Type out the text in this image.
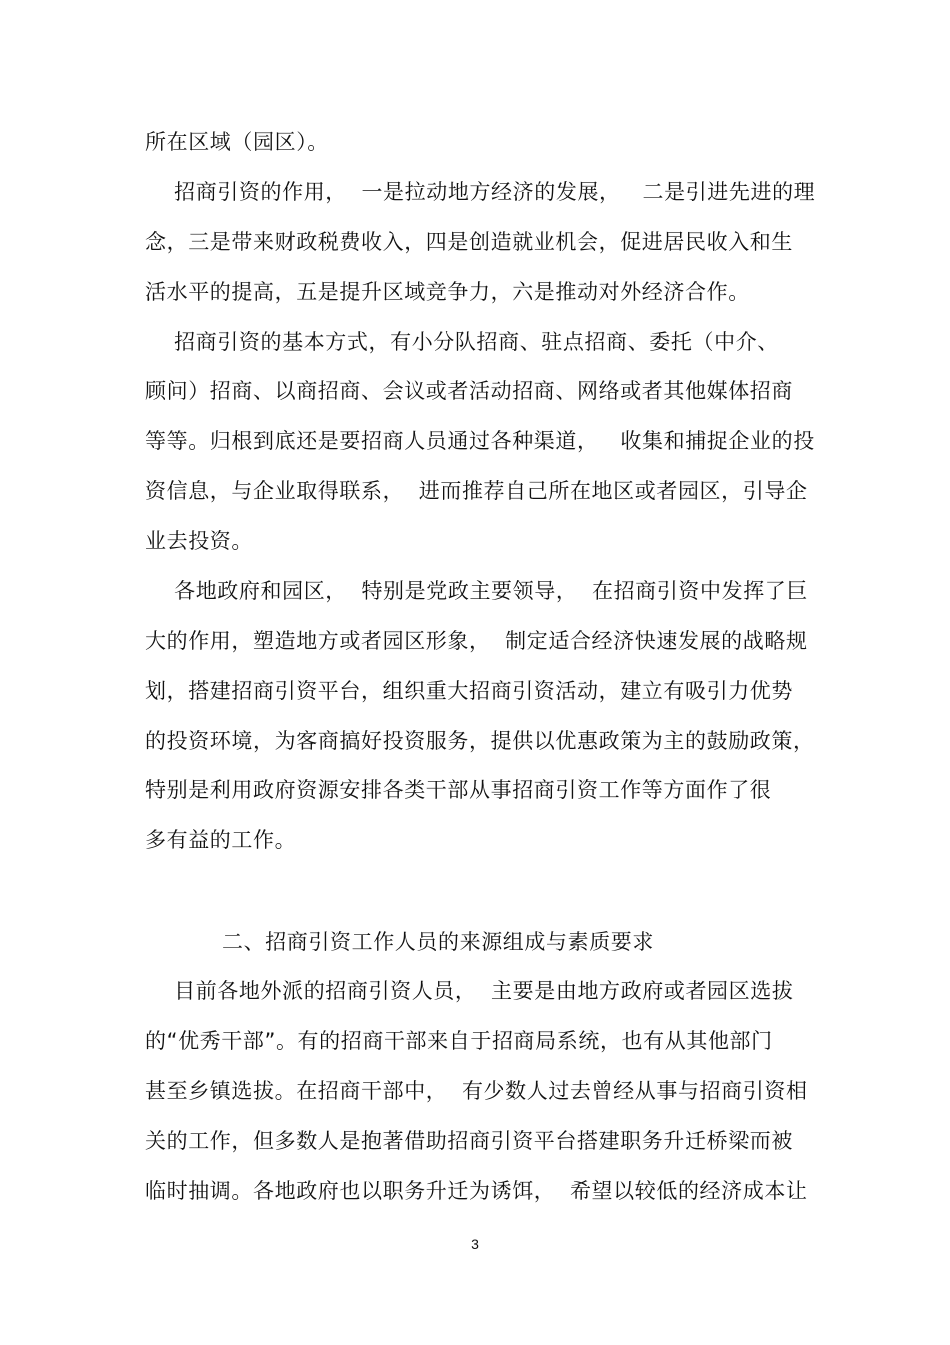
所在区域（园区）。
招商引资的作用，  一是拉动地方经济的发展，   二是引进先进的理
念，三是带来财政税费收入，四是创造就业机会，促进居民收入和生
活水平的提高，五是提升区域竞争力，六是推动对外经济合作。
招商引资的基本方式，有小分队招商、驻点招商、委托（中介、
顾问）招商、以商招商、会议或者活动招商、网络或者其他媒体招商
等等。归根到底还是要招商人员通过各种渠道，   收集和捕捉企业的投
资信息，与企业取得联系，  进而推荐自己所在地区或者园区，引导企
业去投资。
各地政府和园区，  特别是党政主要领导，  在招商引资中发挥了巨
大的作用，塑造地方或者园区形象，  制定适合经济快速发展的战略规
划，搭建招商引资平台，组织重大招商引资活动，建立有吸引力优势
的投资环境，为客商搞好投资服务，提供以优惠政策为主的鼓励政策，
特别是利用政府资源安排各类干部从事招商引资工作等方面作了很
多有益的工作。
二、招商引资工作人员的来源组成与素质要求
目前各地外派的招商引资人员，  主要是由地方政府或者园区选拔
的“优秀干部”。有的招商干部来自于招商局系统，也有从其他部门
甚至乡镇选拔。在招商干部中，  有少数人过去曾经从事与招商引资相
关的工作，但多数人是抱著借助招商引资平台搭建职务升迁桥梁而被
临时抽调。各地政府也以职务升迁为诱饵，  希望以较低的经济成本让
3
